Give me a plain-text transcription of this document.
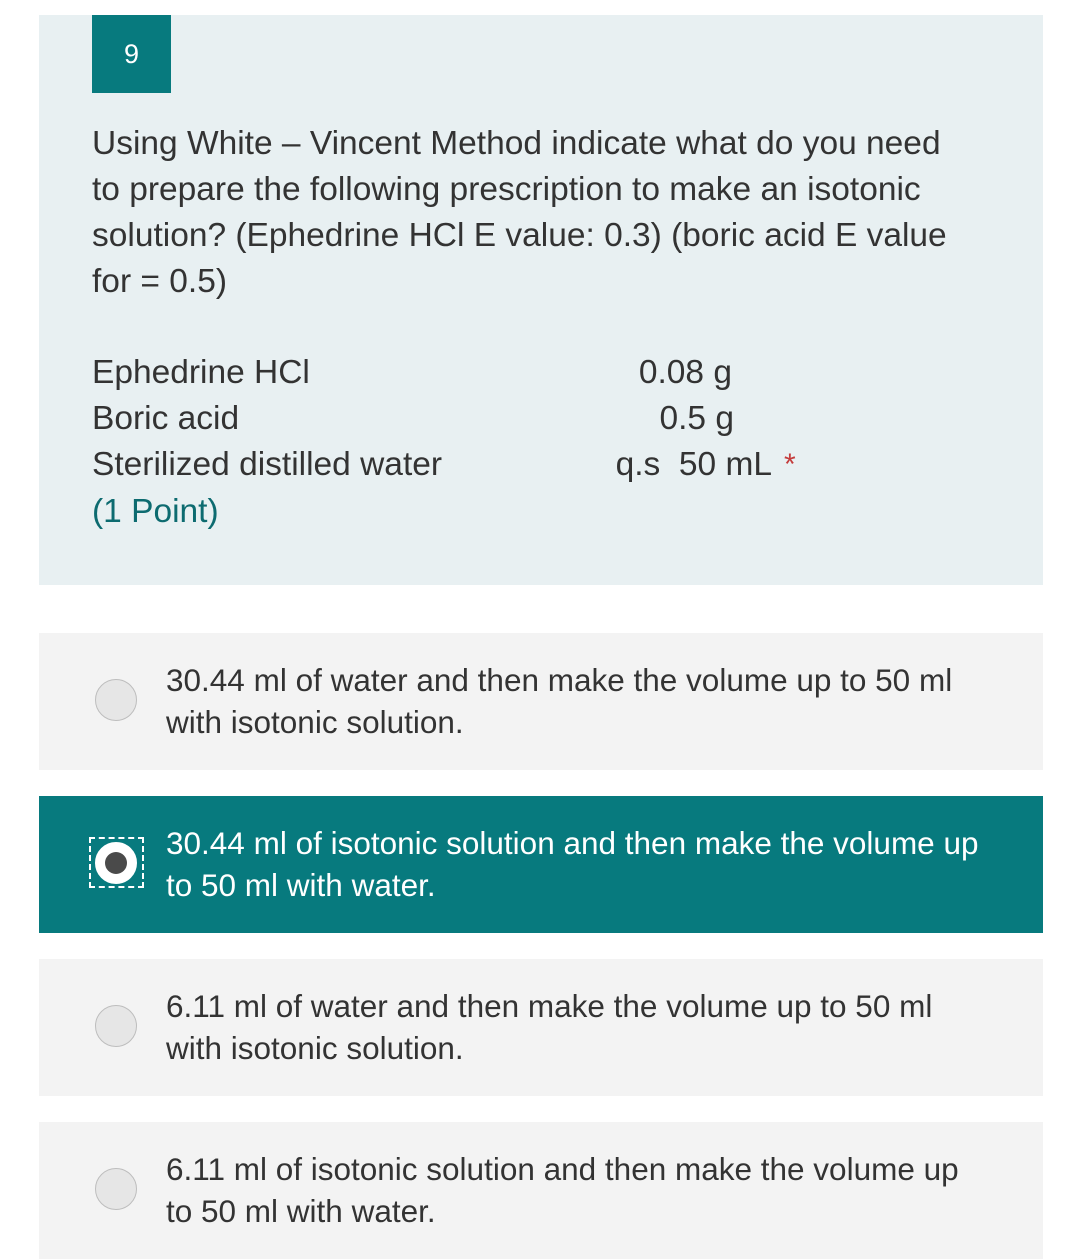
9
Using White – Vincent Method indicate what do you need to prepare the following prescription to make an isotonic solution? (Ephedrine HCl E value: 0.3) (boric acid E value for = 0.5)
Ephedrine HCl	0.08 g
Boric acid	0.5 g
Sterilized distilled water	q.s  50 mL *
(1 Point)
30.44 ml of water and then make the volume up to 50 ml with isotonic solution.
30.44 ml of isotonic solution and then make the volume up to 50 ml with water.
6.11 ml of water and then make the volume up to 50 ml with isotonic solution.
6.11 ml of isotonic solution and then make the volume up to 50 ml with water.
